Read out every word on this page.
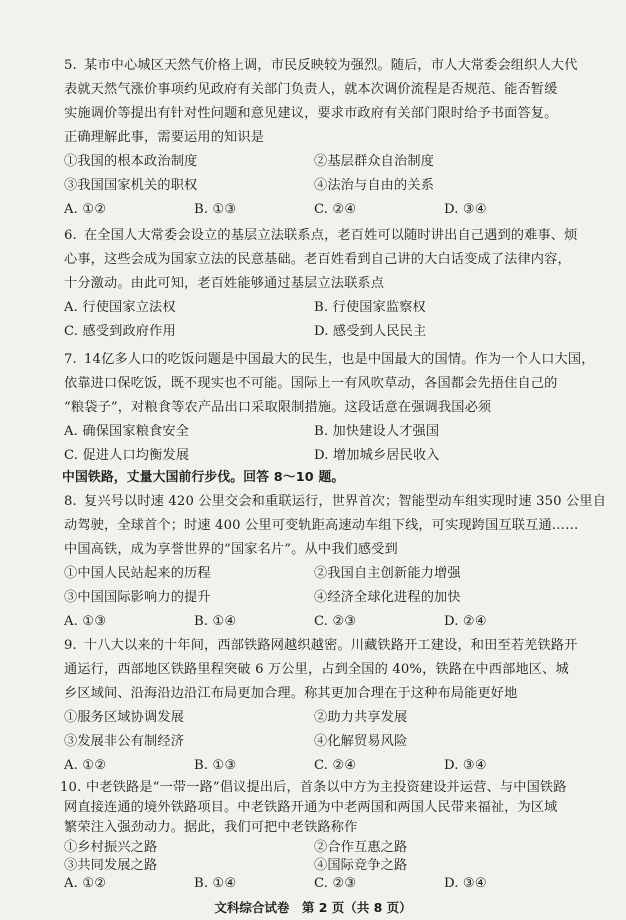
5. 某市中心城区天然气价格上调，市民反映较为强烈。随后，市人大常委会组织人大代
表就天然气涨价事项约见政府有关部门负责人，就本次调价流程是否规范、能否暂缓
实施调价等提出有针对性问题和意见建议，要求市政府有关部门限时给予书面答复。
正确理解此事，需要运用的知识是
①我国的根本政治制度	②基层群众自治制度
③我国国家机关的职权	④法治与自由的关系
A. ①②	B. ①③	C. ②④	D. ③④
6. 在全国人大常委会设立的基层立法联系点，老百姓可以随时讲出自己遇到的难事、烦
心事，这些会成为国家立法的民意基础。老百姓看到自己讲的大白话变成了法律内容，
十分激动。由此可知，老百姓能够通过基层立法联系点
A. 行使国家立法权	B. 行使国家监察权
C. 感受到政府作用	D. 感受到人民民主
7. 14亿多人口的吃饭问题是中国最大的民生，也是中国最大的国情。作为一个人口大国，
依靠进口保吃饭，既不现实也不可能。国际上一有风吹草动，各国都会先捂住自己的
“粮袋子”，对粮食等农产品出口采取限制措施。这段话意在强调我国必须
A. 确保国家粮食安全	B. 加快建设人才强国
C. 促进人口均衡发展	D. 增加城乡居民收入
中国铁路，丈量大国前行步伐。回答 8～10 题。
8. 复兴号以时速 420 公里交会和重联运行，世界首次；智能型动车组实现时速 350 公里自
动驾驶，全球首个；时速 400 公里可变轨距高速动车组下线，可实现跨国互联互通……
中国高铁，成为享誉世界的“国家名片”。从中我们感受到
①中国人民站起来的历程	②我国自主创新能力增强
③中国国际影响力的提升	④经济全球化进程的加快
A. ①③	B. ①④	C. ②③	D. ②④
9. 十八大以来的十年间，西部铁路网越织越密。川藏铁路开工建设，和田至若羌铁路开
通运行，西部地区铁路里程突破 6 万公里，占到全国的 40%，铁路在中西部地区、城
乡区域间、沿海沿边沿江布局更加合理。称其更加合理在于这种布局能更好地
①服务区域协调发展	②助力共享发展
③发展非公有制经济	④化解贸易风险
A. ①②	B. ①③	C. ②④	D. ③④
10. 中老铁路是“一带一路”倡议提出后，首条以中方为主投资建设并运营、与中国铁路
网直接连通的境外铁路项目。中老铁路开通为中老两国和两国人民带来福祉，为区域
繁荣注入强劲动力。据此，我们可把中老铁路称作
①乡村振兴之路	②合作互惠之路
③共同发展之路	④国际竞争之路
文科综合试卷　第 2 页（共 8 页）
A. ①②	B. ①④	C. ②③	D. ③④
